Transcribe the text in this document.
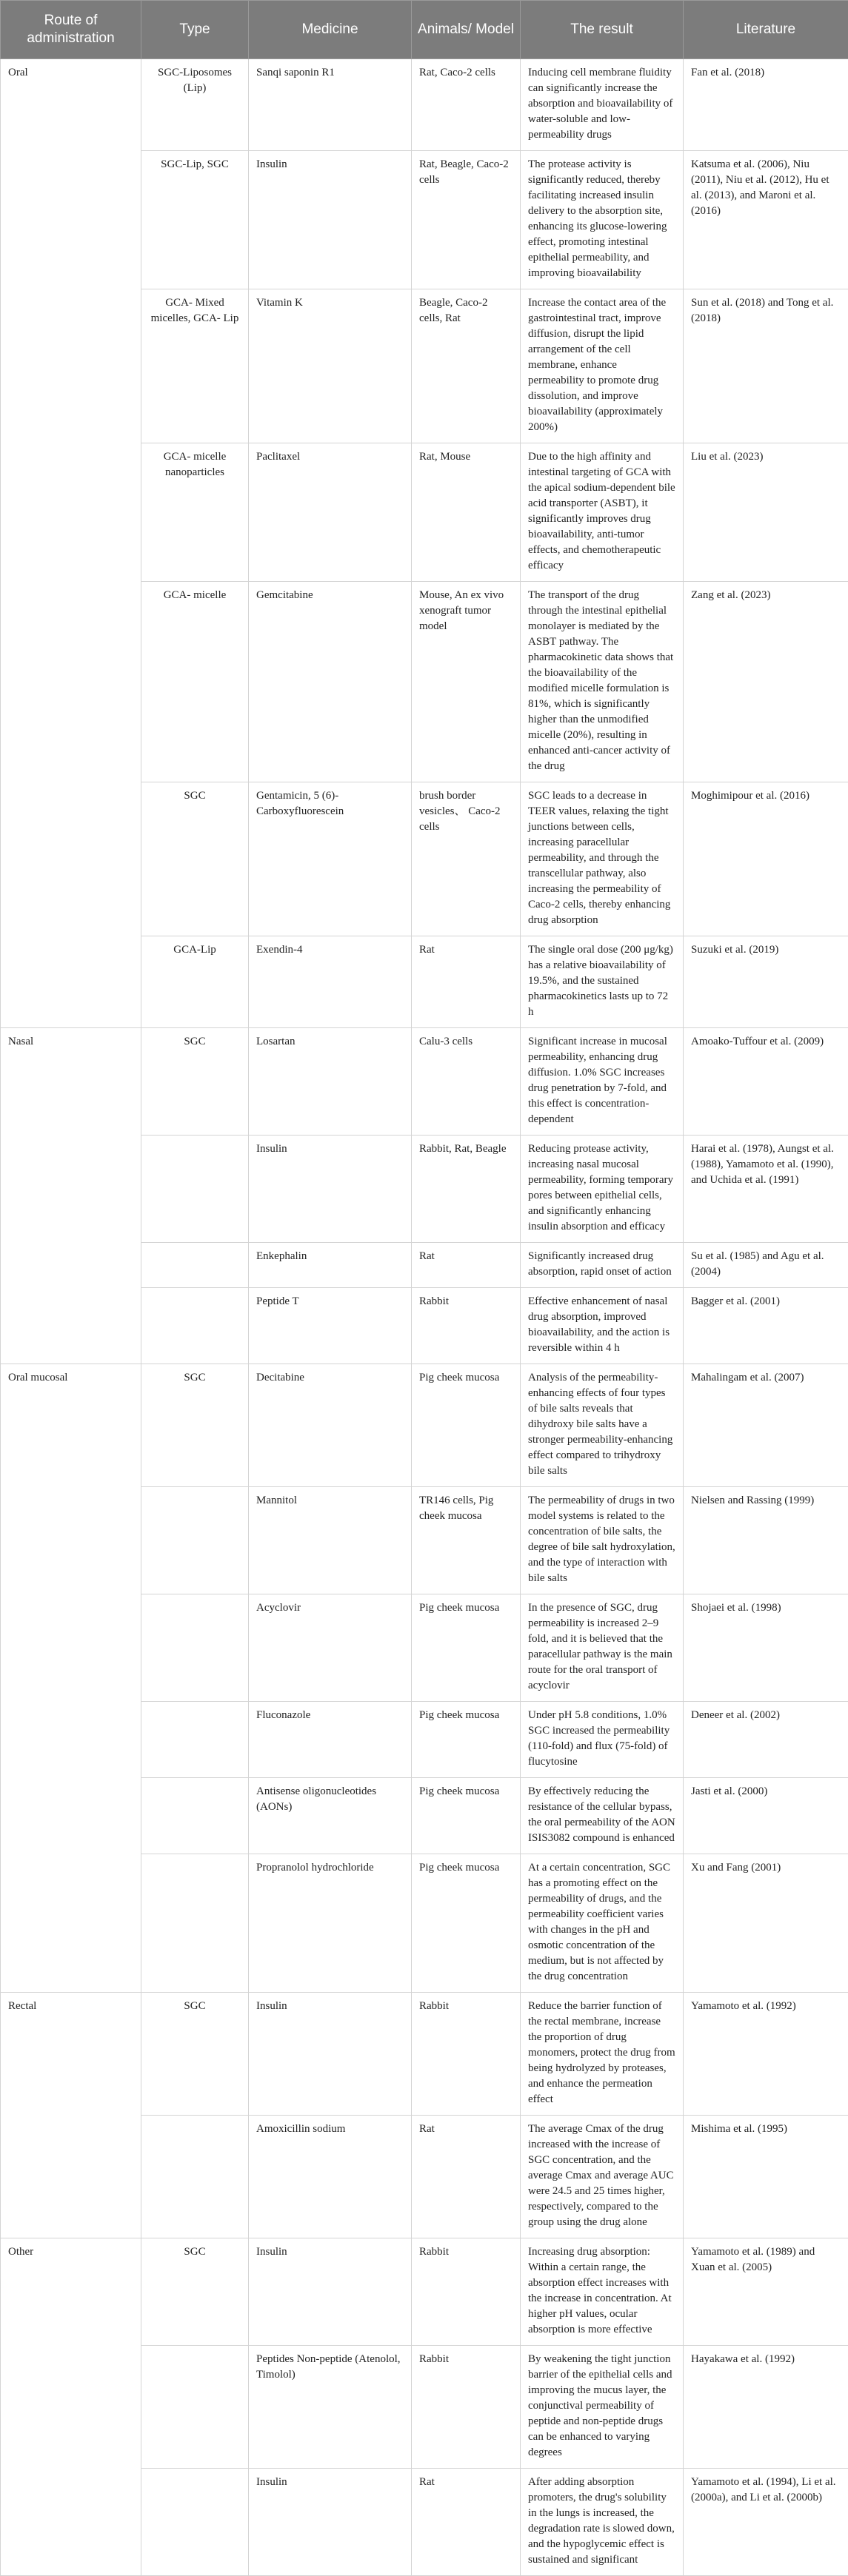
Route of administration	Type	Medicine	Animals/ Model	The result	Literature
Oral	SGC-Liposomes (Lip)	Sanqi saponin R1	Rat, Caco-2 cells	Inducing cell membrane fluidity can significantly increase the absorption and bioavailability of water-soluble and low-permeability drugs	Fan et al. (2018)
	SGC-Lip, SGC	Insulin	Rat, Beagle, Caco-2 cells	The protease activity is significantly reduced, thereby facilitating increased insulin delivery to the absorption site, enhancing its glucose-lowering effect, promoting intestinal epithelial permeability, and improving bioavailability	Katsuma et al. (2006), Niu (2011), Niu et al. (2012), Hu et al. (2013), and Maroni et al. (2016)
	GCA- Mixed micelles, GCA- Lip	Vitamin K	Beagle, Caco-2 cells, Rat	Increase the contact area of the gastrointestinal tract, improve diffusion, disrupt the lipid arrangement of the cell membrane, enhance permeability to promote drug dissolution, and improve bioavailability (approximately 200%)	Sun et al. (2018) and Tong et al. (2018)
	GCA- micelle nanoparticles	Paclitaxel	Rat, Mouse	Due to the high affinity and intestinal targeting of GCA with the apical sodium-dependent bile acid transporter (ASBT), it significantly improves drug bioavailability, anti-tumor effects, and chemotherapeutic efficacy	Liu et al. (2023)
	GCA- micelle	Gemcitabine	Mouse, An ex vivo xenograft tumor model	The transport of the drug through the intestinal epithelial monolayer is mediated by the ASBT pathway. The pharmacokinetic data shows that the bioavailability of the modified micelle formulation is 81%, which is significantly higher than the unmodified micelle (20%), resulting in enhanced anti-cancer activity of the drug	Zang et al. (2023)
	SGC	Gentamicin, 5 (6)-Carboxyfluorescein	brush border vesicles、 Caco-2 cells	SGC leads to a decrease in TEER values, relaxing the tight junctions between cells, increasing paracellular permeability, and through the transcellular pathway, also increasing the permeability of Caco-2 cells, thereby enhancing drug absorption	Moghimipour et al. (2016)
	GCA-Lip	Exendin-4	Rat	The single oral dose (200 μg/kg) has a relative bioavailability of 19.5%, and the sustained pharmacokinetics lasts up to 72 h	Suzuki et al. (2019)
Nasal	SGC	Losartan	Calu-3 cells	Significant increase in mucosal permeability, enhancing drug diffusion. 1.0% SGC increases drug penetration by 7-fold, and this effect is concentration-dependent	Amoako-Tuffour et al. (2009)
		Insulin	Rabbit, Rat, Beagle	Reducing protease activity, increasing nasal mucosal permeability, forming temporary pores between epithelial cells, and significantly enhancing insulin absorption and efficacy	Harai et al. (1978), Aungst et al. (1988), Yamamoto et al. (1990), and Uchida et al. (1991)
		Enkephalin	Rat	Significantly increased drug absorption, rapid onset of action	Su et al. (1985) and Agu et al. (2004)
		Peptide T	Rabbit	Effective enhancement of nasal drug absorption, improved bioavailability, and the action is reversible within 4 h	Bagger et al. (2001)
Oral mucosal	SGC	Decitabine	Pig cheek mucosa	Analysis of the permeability-enhancing effects of four types of bile salts reveals that dihydroxy bile salts have a stronger permeability-enhancing effect compared to trihydroxy bile salts	Mahalingam et al. (2007)
		Mannitol	TR146 cells, Pig cheek mucosa	The permeability of drugs in two model systems is related to the concentration of bile salts, the degree of bile salt hydroxylation, and the type of interaction with bile salts	Nielsen and Rassing (1999)
		Acyclovir	Pig cheek mucosa	In the presence of SGC, drug permeability is increased 2–9 fold, and it is believed that the paracellular pathway is the main route for the oral transport of acyclovir	Shojaei et al. (1998)
		Fluconazole	Pig cheek mucosa	Under pH 5.8 conditions, 1.0% SGC increased the permeability (110-fold) and flux (75-fold) of flucytosine	Deneer et al. (2002)
		Antisense oligonucleotides (AONs)	Pig cheek mucosa	By effectively reducing the resistance of the cellular bypass, the oral permeability of the AON ISIS3082 compound is enhanced	Jasti et al. (2000)
		Propranolol hydrochloride	Pig cheek mucosa	At a certain concentration, SGC has a promoting effect on the permeability of drugs, and the permeability coefficient varies with changes in the pH and osmotic concentration of the medium, but is not affected by the drug concentration	Xu and Fang (2001)
Rectal	SGC	Insulin	Rabbit	Reduce the barrier function of the rectal membrane, increase the proportion of drug monomers, protect the drug from being hydrolyzed by proteases, and enhance the permeation effect	Yamamoto et al. (1992)
		Amoxicillin sodium	Rat	The average Cmax of the drug increased with the increase of SGC concentration, and the average Cmax and average AUC were 24.5 and 25 times higher, respectively, compared to the group using the drug alone	Mishima et al. (1995)
Other	SGC	Insulin	Rabbit	Increasing drug absorption: Within a certain range, the absorption effect increases with the increase in concentration. At higher pH values, ocular absorption is more effective	Yamamoto et al. (1989) and Xuan et al. (2005)
		Peptides Non-peptide (Atenolol, Timolol)	Rabbit	By weakening the tight junction barrier of the epithelial cells and improving the mucus layer, the conjunctival permeability of peptide and non-peptide drugs can be enhanced to varying degrees	Hayakawa et al. (1992)
		Insulin	Rat	After adding absorption promoters, the drug's solubility in the lungs is increased, the degradation rate is slowed down, and the hypoglycemic effect is sustained and significant	Yamamoto et al. (1994), Li et al. (2000a), and Li et al. (2000b)
